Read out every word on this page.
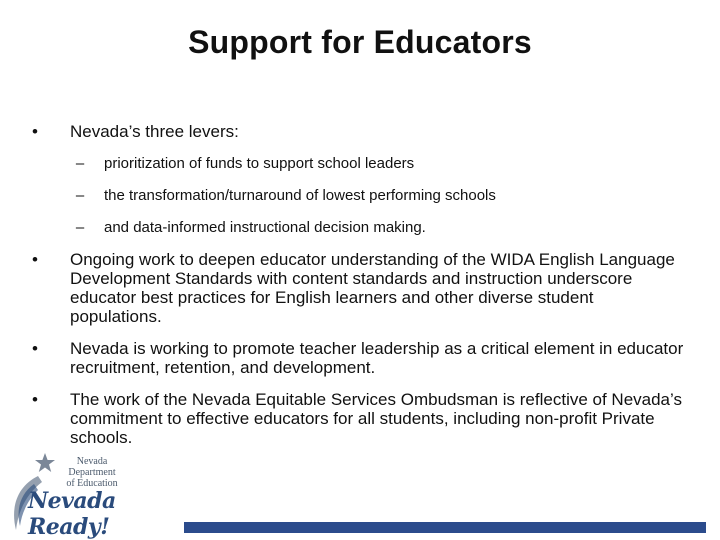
Support for Educators
• Nevada’s three levers:
–	prioritization of funds to support school leaders
–	the transformation/turnaround of lowest performing schools
–	and data-informed instructional decision making.
• Ongoing work to deepen educator understanding of the WIDA English Language Development Standards with content standards and instruction underscore educator best practices for English learners and other diverse student populations.
• Nevada is working to promote teacher leadership as a critical element in educator recruitment, retention, and development.
• The work of the Nevada Equitable Services Ombudsman is reflective of Nevada’s commitment to effective educators for all students, including non-profit Private schools.
Nevada Department
of Education
Nevada Ready!
